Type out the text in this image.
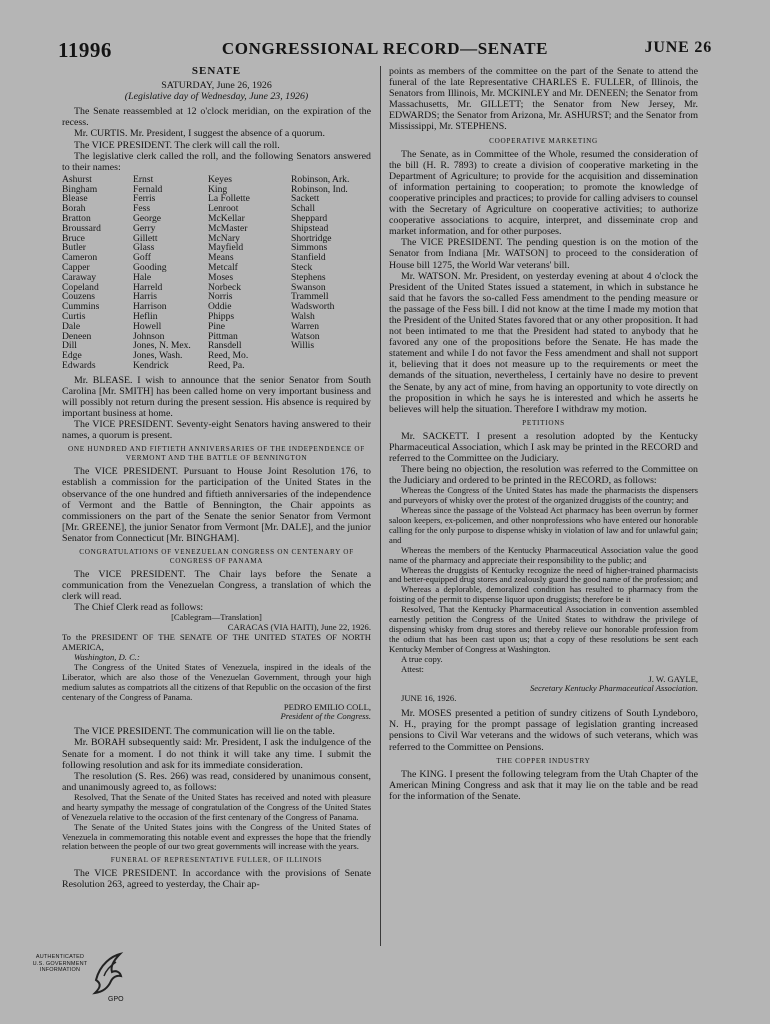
11996	CONGRESSIONAL RECORD—SENATE	JUNE 26
SENATE

SATURDAY, June 26, 1926

(Legislative day of Wednesday, June 23, 1926)

The Senate reassembled at 12 o'clock meridian, on the expiration of the recess.

Mr. CURTIS. Mr. President, I suggest the absence of a quorum.

The VICE PRESIDENT. The clerk will call the roll.

The legislative clerk called the roll, and the following Senators answered to their names:

Ashurst
Bingham
Blease
Borah
Bratton
Broussard
Bruce
Butler
Cameron
Capper
Caraway
Copeland
Couzens
Cummins
Curtis
Dale
Deneen
Dill
Edge
Edwards
Ernst
Fernald
Ferris
Fess
George
Gerry
Gillett
Glass
Goff
Gooding
Hale
Harreld
Harris
Harrison
Heflin
Howell
Johnson
Jones, N. Mex.
Jones, Wash.
Kendrick
Keyes
King
La Follette
Lenroot
McKellar
McMaster
McNary
Mayfield
Means
Metcalf
Moses
Norbeck
Norris
Oddie
Phipps
Pine
Pittman
Ransdell
Reed, Mo.
Reed, Pa.
Robinson, Ark.
Robinson, Ind.
Sackett
Schall
Sheppard
Shipstead
Shortridge
Simmons
Stanfield
Steck
Stephens
Swanson
Trammell
Wadsworth
Walsh
Warren
Watson
Willis

Mr. BLEASE. I wish to announce that the senior Senator from South Carolina [Mr. SMITH] has been called home on very important business and will possibly not return during the present session. His absence is required by important business at home.

The VICE PRESIDENT. Seventy-eight Senators having answered to their names, a quorum is present.

ONE HUNDRED AND FIFTIETH ANNIVERSARIES OF THE INDEPENDENCE OF VERMONT AND THE BATTLE OF BENNINGTON

The VICE PRESIDENT. Pursuant to House Joint Resolution 176, to establish a commission for the participation of the United States in the observance of the one hundred and fiftieth anniversaries of the independence of Vermont and the Battle of Bennington, the Chair appoints as commissioners on the part of the Senate the senior Senator from Vermont [Mr. GREENE], the junior Senator from Vermont [Mr. DALE], and the junior Senator from Connecticut [Mr. BINGHAM].

CONGRATULATIONS OF VENEZUELAN CONGRESS ON CENTENARY OF CONGRESS OF PANAMA

The VICE PRESIDENT. The Chair lays before the Senate a communication from the Venezuelan Congress, a translation of which the clerk will read.

The Chief Clerk read as follows:

[Cablegram—Translation]

CARACAS (VIA HAITI), June 22, 1926.

To the PRESIDENT OF THE SENATE OF THE UNITED STATES OF NORTH AMERICA,

Washington, D. C.:

The Congress of the United States of Venezuela, inspired in the ideals of the Liberator, which are also those of the Venezuelan Government, through your high medium salutes as compatriots all the citizens of that Republic on the occasion of the first centenary of the Congress of Panama.

PEDRO EMILIO COLL,

President of the Congress.

The VICE PRESIDENT. The communication will lie on the table.

Mr. BORAH subsequently said: Mr. President, I ask the indulgence of the Senate for a moment. I do not think it will take any time. I submit the following resolution and ask for its immediate consideration.

The resolution (S. Res. 266) was read, considered by unanimous consent, and unanimously agreed to, as follows:

Resolved, That the Senate of the United States has received and noted with pleasure and hearty sympathy the message of congratulation of the Congress of the United States of Venezuela relative to the occasion of the first centenary of the Congress of Panama.

The Senate of the United States joins with the Congress of the United States of Venezuela in commemorating this notable event and expresses the hope that the friendly relation between the people of our two great governments will increase with the years.

FUNERAL OF REPRESENTATIVE FULLER, OF ILLINOIS

The VICE PRESIDENT. In accordance with the provisions of Senate Resolution 263, agreed to yesterday, the Chair ap-

points as members of the committee on the part of the Senate to attend the funeral of the late Representative CHARLES E. FULLER, of Illinois, the Senators from Illinois, Mr. MCKINLEY and Mr. DENEEN; the Senator from Massachusetts, Mr. GILLETT; the Senator from New Jersey, Mr. EDWARDS; the Senator from Arizona, Mr. ASHURST; and the Senator from Mississippi, Mr. STEPHENS.

COOPERATIVE MARKETING

The Senate, as in Committee of the Whole, resumed the consideration of the bill (H. R. 7893) to create a division of cooperative marketing in the Department of Agriculture; to provide for the acquisition and dissemination of information pertaining to cooperation; to promote the knowledge of cooperative principles and practices; to provide for calling advisers to counsel with the Secretary of Agriculture on cooperative activities; to authorize cooperative associations to acquire, interpret, and disseminate crop and market information, and for other purposes.

The VICE PRESIDENT. The pending question is on the motion of the Senator from Indiana [Mr. WATSON] to proceed to the consideration of House bill 1275, the World War veterans' bill.

Mr. WATSON. Mr. President, on yesterday evening at about 4 o'clock the President of the United States issued a statement, in which in substance he said that he favors the so-called Fess amendment to the pending measure or the passage of the Fess bill. I did not know at the time I made my motion that the President of the United States favored that or any other proposition. It had not been intimated to me that the President had stated to anybody that he favored any one of the propositions before the Senate. He has made the statement and while I do not favor the Fess amendment and shall not support it, believing that it does not measure up to the requirements or meet the demands of the situation, nevertheless, I certainly have no desire to prevent the Senate, by any act of mine, from having an opportunity to vote directly on the proposition in which he says he is interested and which he asserts he believes will help the situation. Therefore I withdraw my motion.

PETITIONS

Mr. SACKETT. I present a resolution adopted by the Kentucky Pharmaceutical Association, which I ask may be printed in the RECORD and referred to the Committee on the Judiciary.

There being no objection, the resolution was referred to the Committee on the Judiciary and ordered to be printed in the RECORD, as follows:

Whereas the Congress of the United States has made the pharmacists the dispensers and purveyors of whisky over the protest of the organized druggists of the country; and

Whereas since the passage of the Volstead Act pharmacy has been overrun by former saloon keepers, ex-policemen, and other nonprofessions who have entered our honorable calling for the only purpose to dispense whisky in violation of law and for unlawful gain; and

Whereas the members of the Kentucky Pharmaceutical Association value the good name of the pharmacy and appreciate their responsibility to the public; and

Whereas the druggists of Kentucky recognize the need of higher-trained pharmacists and better-equipped drug stores and zealously guard the good name of the profession; and

Whereas a deplorable, demoralized condition has resulted to pharmacy from the foisting of the permit to dispense liquor upon druggists; therefore be it

Resolved, That the Kentucky Pharmaceutical Association in convention assembled earnestly petition the Congress of the United States to withdraw the privilege of dispensing whisky from drug stores and thereby relieve our honorable profession from the odium that has been cast upon us; that a copy of these resolutions be sent each Kentucky Member of Congress at Washington.

A true copy.

Attest:

J. W. GAYLE,

Secretary Kentucky Pharmaceutical Association.

JUNE 16, 1926.

Mr. MOSES presented a petition of sundry citizens of South Lyndeboro, N. H., praying for the prompt passage of legislation granting increased pensions to Civil War veterans and the widows of such veterans, which was referred to the Committee on Pensions.

THE COPPER INDUSTRY

The KING. I present the following telegram from the Utah Chapter of the American Mining Congress and ask that it may lie on the table and be read for the information of the Senate.

AUTHENTICATED U.S. GOVERNMENT INFORMATION
GPO
